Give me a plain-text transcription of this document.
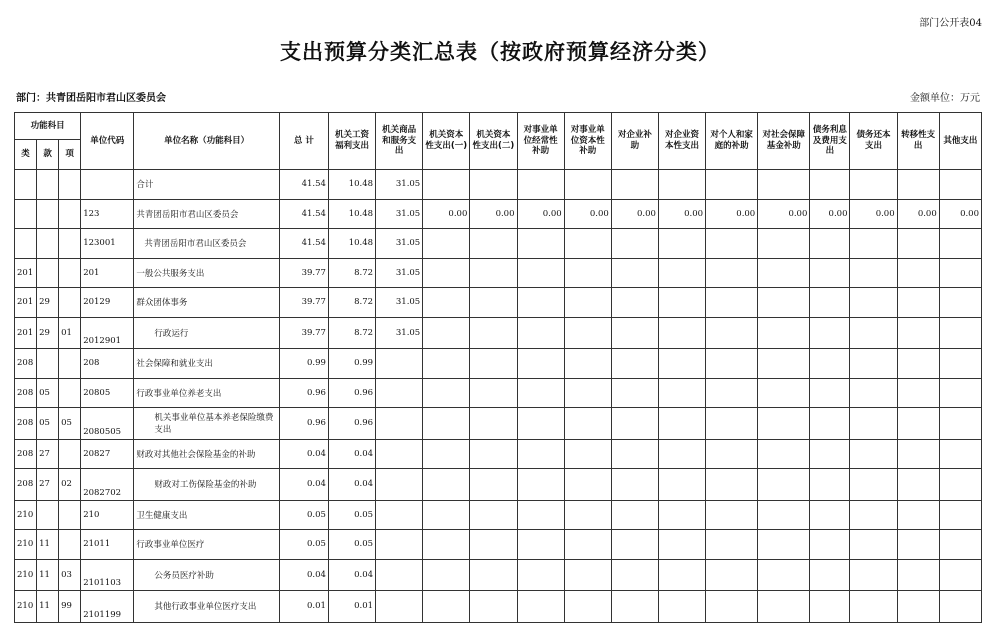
部门公开表04
支出预算分类汇总表（按政府预算经济分类）
部门：共青团岳阳市君山区委员会	金额单位：万元
功能科目			单位代码	单位名称（功能科目）	总 计	机关工资福利支出	机关商品和服务支出	机关资本性支出(一)	机关资本性支出(二)	对事业单位经常性补助	对事业单位资本性补助	对企业补助	对企业资本性支出	对个人和家庭的补助	对社会保障基金补助	债务利息及费用支出	债务还本支出	转移性支出	其他支出
类	款	项																	
				合计	41.54	10.48	31.05												
			123	共青团岳阳市君山区委员会	41.54	10.48	31.05	0.00	0.00	0.00	0.00	0.00	0.00	0.00	0.00	0.00	0.00	0.00	0.00
			123001	共青团岳阳市君山区委员会	41.54	10.48	31.05												
201			201	一般公共服务支出	39.77	8.72	31.05												
201	29		20129	群众团体事务	39.77	8.72	31.05												
201	29	01	2012901	行政运行	39.77	8.72	31.05												
208			208	社会保障和就业支出	0.99	0.99													
208	05		20805	行政事业单位养老支出	0.96	0.96													
208	05	05	2080505	机关事业单位基本养老保险缴费支出	0.96	0.96													
208	27		20827	财政对其他社会保险基金的补助	0.04	0.04													
208	27	02	2082702	财政对工伤保险基金的补助	0.04	0.04													
210			210	卫生健康支出	0.05	0.05													
210	11		21011	行政事业单位医疗	0.05	0.05													
210	11	03	2101103	公务员医疗补助	0.04	0.04													
210	11	99	2101199	其他行政事业单位医疗支出	0.01	0.01													
